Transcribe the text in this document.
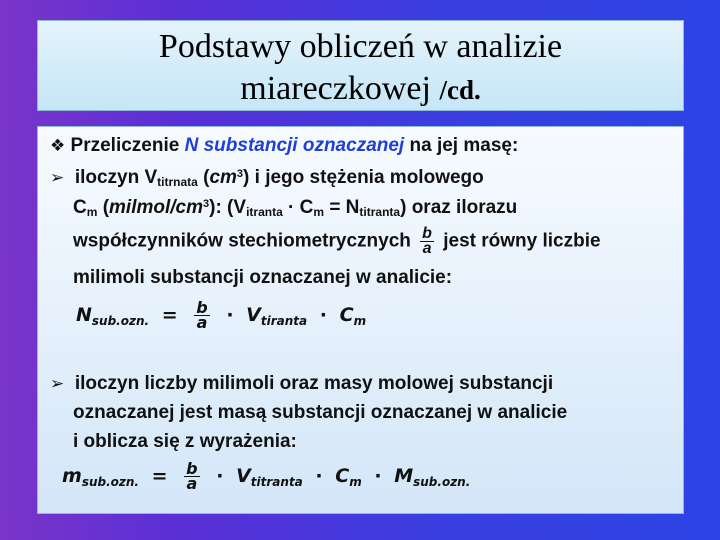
Podstawy obliczeń w analizie
miareczkowej /cd.
❖ Przeliczenie N substancji oznaczanej na jej masę:
➢ iloczyn $V_{titrnata}$ $(cm^3)$ i jego stężenia molowego
$C_m$ $(milmol/cm^3)$: $(V_{itranta} \cdot C_m = N_{titranta})$ oraz ilorazu
współczynników stechiometrycznych $\frac{b}{a}$ jest równy liczbie
milimoli substancji oznaczanej w analicie:
$N_{sub.ozn.} = \frac{b}{a} \cdot V_{tiranta} \cdot C_m$
➢ iloczyn liczby milimoli oraz masy molowej substancji
oznaczanej jest masą substancji oznaczanej w analicie
i oblicza się z wyrażenia:
$m_{sub.ozn.} = \frac{b}{a} \cdot V_{titranta} \cdot C_m \cdot M_{sub.ozn.}$
